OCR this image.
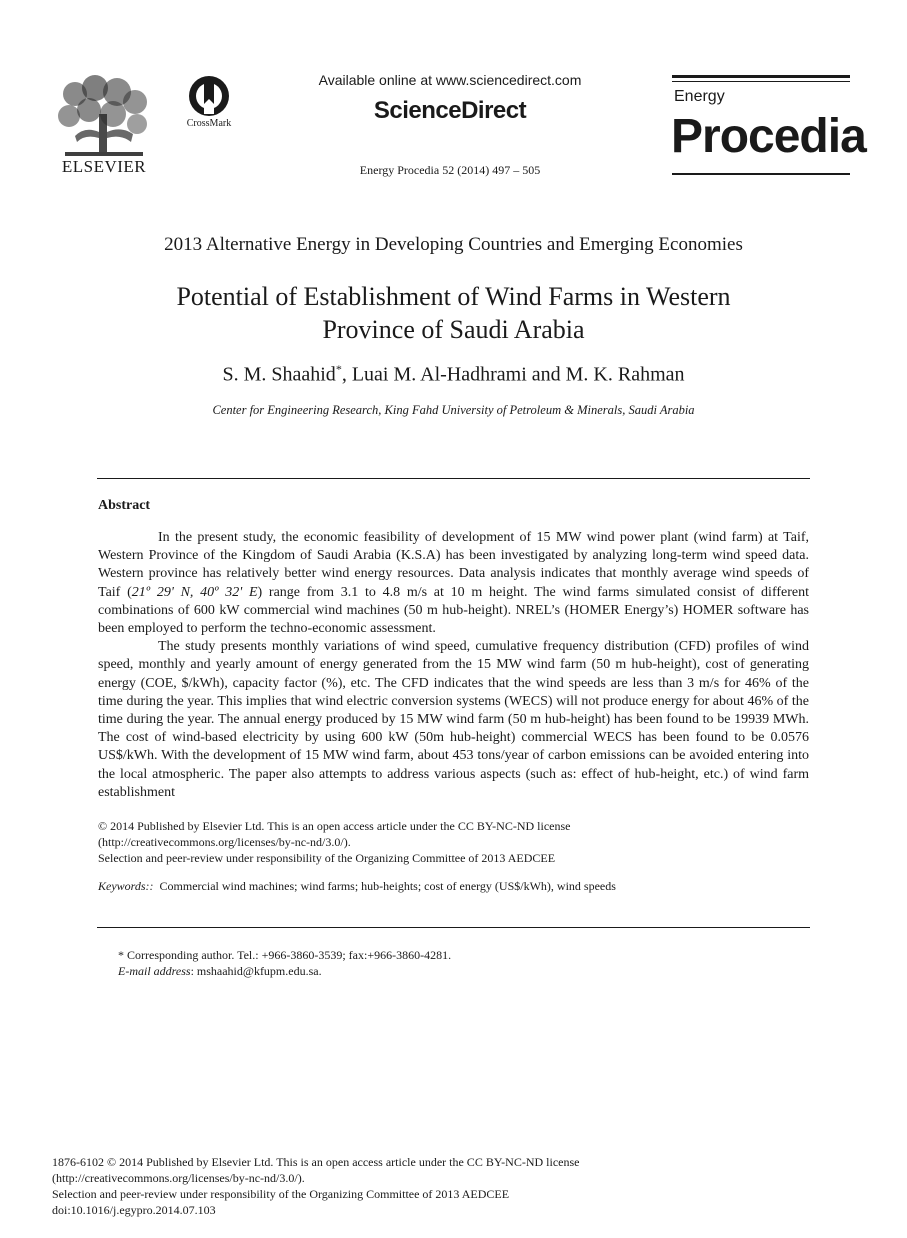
ELSEVIER
CrossMark
Available online at www.sciencedirect.com
ScienceDirect
Energy Procedia 52 (2014) 497 – 505
Energy
Procedia
2013 Alternative Energy in Developing Countries and Emerging Economies
Potential of Establishment of Wind Farms in Western
Province of Saudi Arabia
S. M. Shaahid*, Luai M. Al-Hadhrami and M. K. Rahman
Center for Engineering Research, King Fahd University of Petroleum & Minerals, Saudi Arabia
Abstract

In the present study, the economic feasibility of development of 15 MW wind power plant (wind farm) at Taif, Western Province of the Kingdom of Saudi Arabia (K.S.A) has been investigated by analyzing long-term wind speed data. Western province has relatively better wind energy resources. Data analysis indicates that monthly average wind speeds of Taif (21º 29' N, 40º 32' E) range from 3.1 to 4.8 m/s at 10 m height. The wind farms simulated consist of different combinations of 600 kW commercial wind machines (50 m hub-height). NREL’s (HOMER Energy’s) HOMER software has been employed to perform the techno-economic assessment.

The study presents monthly variations of wind speed, cumulative frequency distribution (CFD) profiles of wind speed, monthly and yearly amount of energy generated from the 15 MW wind farm (50 m hub-height), cost of generating energy (COE, $/kWh), capacity factor (%), etc. The CFD indicates that the wind speeds are less than 3 m/s for 46% of the time during the year. This implies that wind electric conversion systems (WECS) will not produce energy for about 46% of the time during the year. The annual energy produced by 15 MW wind farm (50 m hub-height) has been found to be 19939 MWh. The cost of wind-based electricity by using 600 kW (50m hub-height) commercial WECS has been found to be 0.0576 US$/kWh. With the development of 15 MW wind farm, about 453 tons/year of carbon emissions can be avoided entering into the local atmospheric. The paper also attempts to address various aspects (such as: effect of hub-height, etc.) of wind farm establishment

© 2014 Published by Elsevier Ltd. This is an open access article under the CC BY-NC-ND license
(http://creativecommons.org/licenses/by-nc-nd/3.0/).
Selection and peer-review under responsibility of the Organizing Committee of 2013 AEDCEE
Keywords:: Commercial wind machines; wind farms; hub-heights; cost of energy (US$/kWh), wind speeds
* Corresponding author. Tel.: +966-3860-3539; fax:+966-3860-4281.
E-mail address: mshaahid@kfupm.edu.sa.
1876-6102 © 2014 Published by Elsevier Ltd. This is an open access article under the CC BY-NC-ND license
(http://creativecommons.org/licenses/by-nc-nd/3.0/).
Selection and peer-review under responsibility of the Organizing Committee of 2013 AEDCEE
doi:10.1016/j.egypro.2014.07.103
